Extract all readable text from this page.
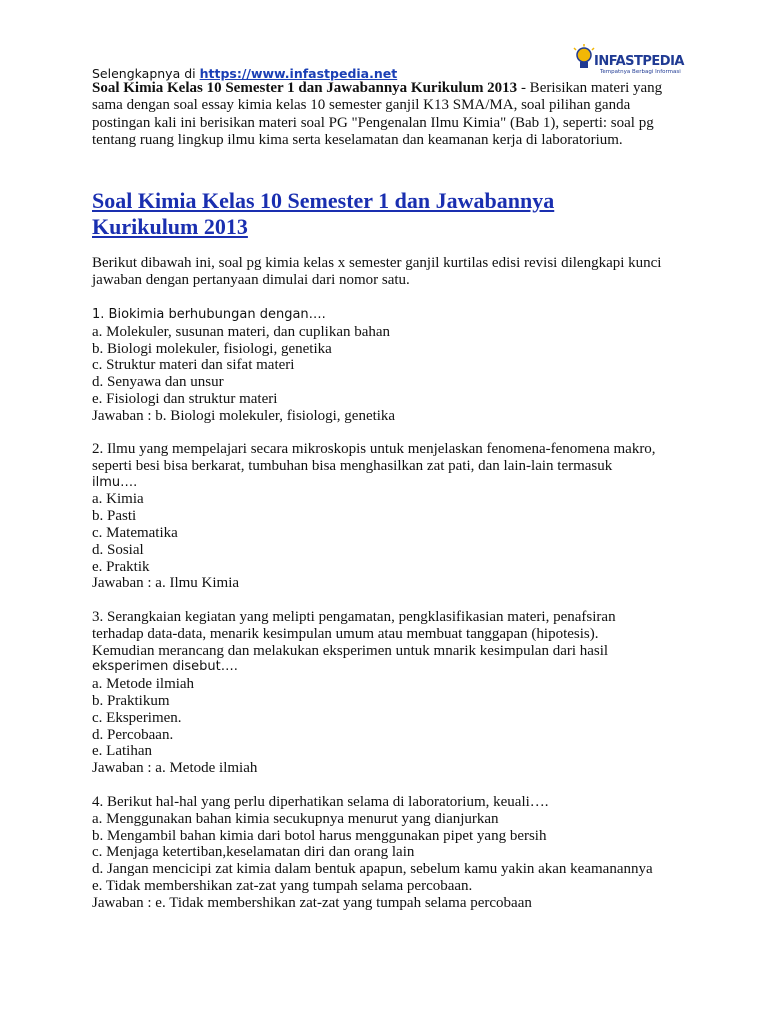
Selengkapnya di https://www.infastpedia.net
INFASTPEDIA
Tempatnya Berbagi Informasi
Soal Kimia Kelas 10 Semester 1 dan Jawabannya Kurikulum 2013 - Berisikan materi yang sama dengan soal essay kimia kelas 10 semester ganjil K13 SMA/MA, soal pilihan ganda postingan kali ini berisikan materi soal PG "Pengenalan Ilmu Kimia" (Bab 1), seperti: soal pg tentang ruang lingkup ilmu kima serta keselamatan dan keamanan kerja di laboratorium.
Soal Kimia Kelas 10 Semester 1 dan Jawabannya
Kurikulum 2013
Berikut dibawah ini, soal pg kimia kelas x semester ganjil kurtilas edisi revisi dilengkapi kunci jawaban dengan pertanyaan dimulai dari nomor satu.
1. Biokimia berhubungan dengan….
a. Molekuler, susunan materi, dan cuplikan bahan
b. Biologi molekuler, fisiologi, genetika
c. Struktur materi dan sifat materi
d. Senyawa dan unsur
e. Fisiologi dan struktur materi
Jawaban : b. Biologi molekuler, fisiologi, genetika
2. Ilmu yang mempelajari secara mikroskopis untuk menjelaskan fenomena-fenomena makro,
seperti besi bisa berkarat, tumbuhan bisa menghasilkan zat pati, dan lain-lain termasuk
ilmu….
a. Kimia
b. Pasti
c. Matematika
d. Sosial
e. Praktik
Jawaban : a. Ilmu Kimia
3. Serangkaian kegiatan yang melipti pengamatan, pengklasifikasian materi, penafsiran
terhadap data-data, menarik kesimpulan umum atau membuat tanggapan (hipotesis).
Kemudian merancang dan melakukan eksperimen untuk mnarik kesimpulan dari hasil
eksperimen disebut….
a. Metode ilmiah
b. Praktikum
c. Eksperimen.
d. Percobaan.
e. Latihan
Jawaban : a. Metode ilmiah
4. Berikut hal-hal yang perlu diperhatikan selama di laboratorium, keuali….
a. Menggunakan bahan kimia secukupnya menurut yang dianjurkan
b. Mengambil bahan kimia dari botol harus menggunakan pipet yang bersih
c. Menjaga ketertiban,keselamatan diri dan orang lain
d. Jangan mencicipi zat kimia dalam bentuk apapun, sebelum kamu yakin akan keamanannya
e. Tidak membershikan zat-zat yang tumpah selama percobaan.
Jawaban : e. Tidak membershikan zat-zat yang tumpah selama percobaan
